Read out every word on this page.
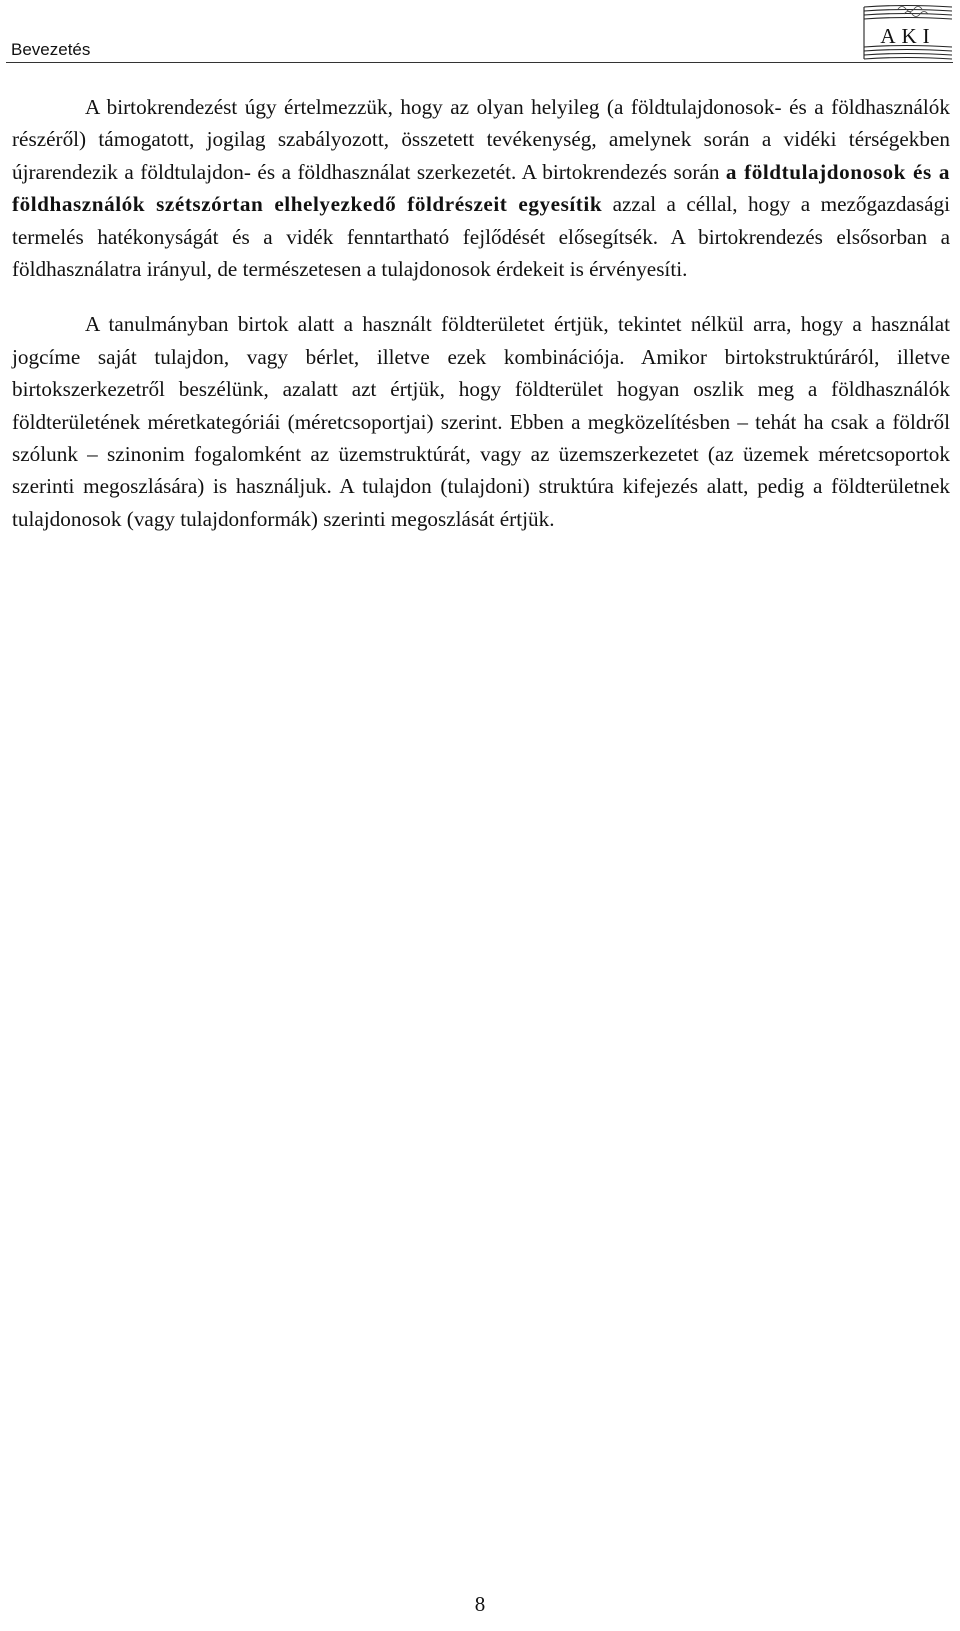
Bevezetés
AKI

A birtokrendezést úgy értelmezzük, hogy az olyan helyileg (a földtulajdonosok- és a földhasználók részéről) támogatott, jogilag szabályozott, összetett tevékenység, amelynek során a vidéki térségekben újrarendezik a földtulajdon- és a földhasználat szerkezetét. A birtokrendezés során a földtulajdonosok és a földhasználók szétszórtan elhelyezkedő földrészeit egyesítik azzal a céllal, hogy a mezőgazdasági termelés hatékonyságát és a vidék fenntartható fejlődését elősegítsék. A birtokrendezés elsősorban a földhasználatra irányul, de természetesen a tulajdonosok érdekeit is érvényesíti.

A tanulmányban birtok alatt a használt földterületet értjük, tekintet nélkül arra, hogy a használat jogcíme saját tulajdon, vagy bérlet, illetve ezek kombinációja. Amikor birtokstruktúráról, illetve birtokszerkezetről beszélünk, azalatt azt értjük, hogy földterület hogyan oszlik meg a földhasználók földterületének méretkategóriái (méretcsoportjai) szerint. Ebben a megközelítésben – tehát ha csak a földről szólunk – szinonim fogalomként az üzemstruktúrát, vagy az üzemszerkezetet (az üzemek méretcsoportok szerinti megoszlására) is használjuk. A tulajdon (tulajdoni) struktúra kifejezés alatt, pedig a földterületnek tulajdonosok (vagy tulajdonformák) szerinti megoszlását értjük.

8
